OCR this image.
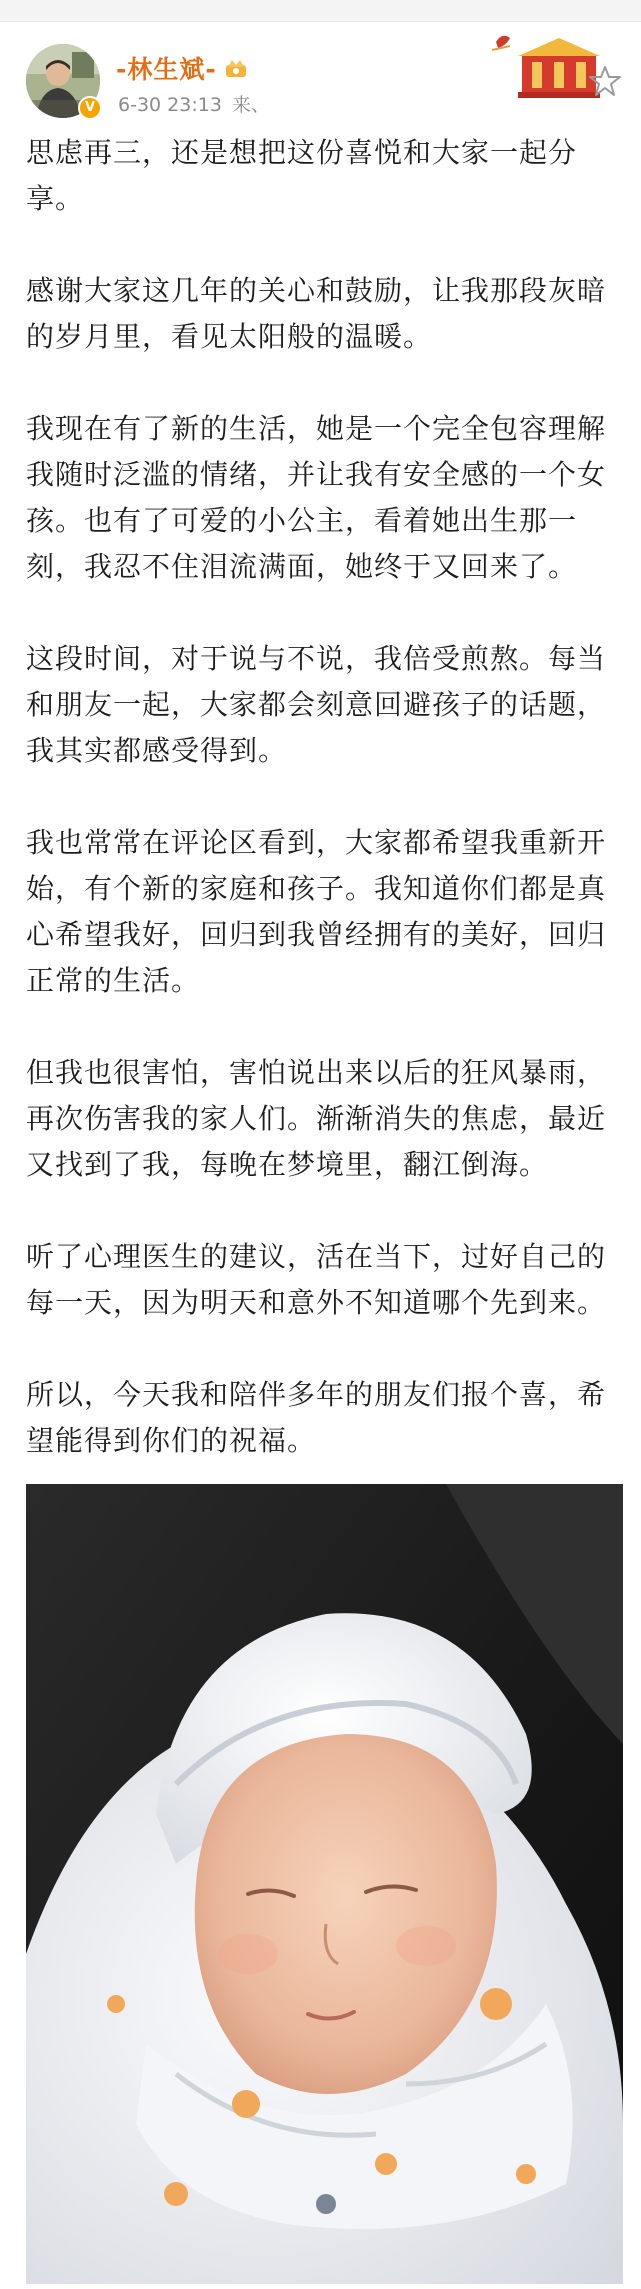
V
-林生斌-
6-30 23:13 来、

思虑再三，还是想把这份喜悦和大家一起分享。

感谢大家这几年的关心和鼓励，让我那段灰暗的岁月里，看见太阳般的温暖。

我现在有了新的生活，她是一个完全包容理解我随时泛滥的情绪，并让我有安全感的一个女孩。也有了可爱的小公主，看着她出生那一刻，我忍不住泪流满面，她终于又回来了。

这段时间，对于说与不说，我倍受煎熬。每当和朋友一起，大家都会刻意回避孩子的话题，我其实都感受得到。

我也常常在评论区看到，大家都希望我重新开始，有个新的家庭和孩子。我知道你们都是真心希望我好，回归到我曾经拥有的美好，回归正常的生活。

但我也很害怕，害怕说出来以后的狂风暴雨，再次伤害我的家人们。渐渐消失的焦虑，最近又找到了我，每晚在梦境里，翻江倒海。

听了心理医生的建议，活在当下，过好自己的每一天，因为明天和意外不知道哪个先到来。

所以，今天我和陪伴多年的朋友们报个喜，希望能得到你们的祝福。
